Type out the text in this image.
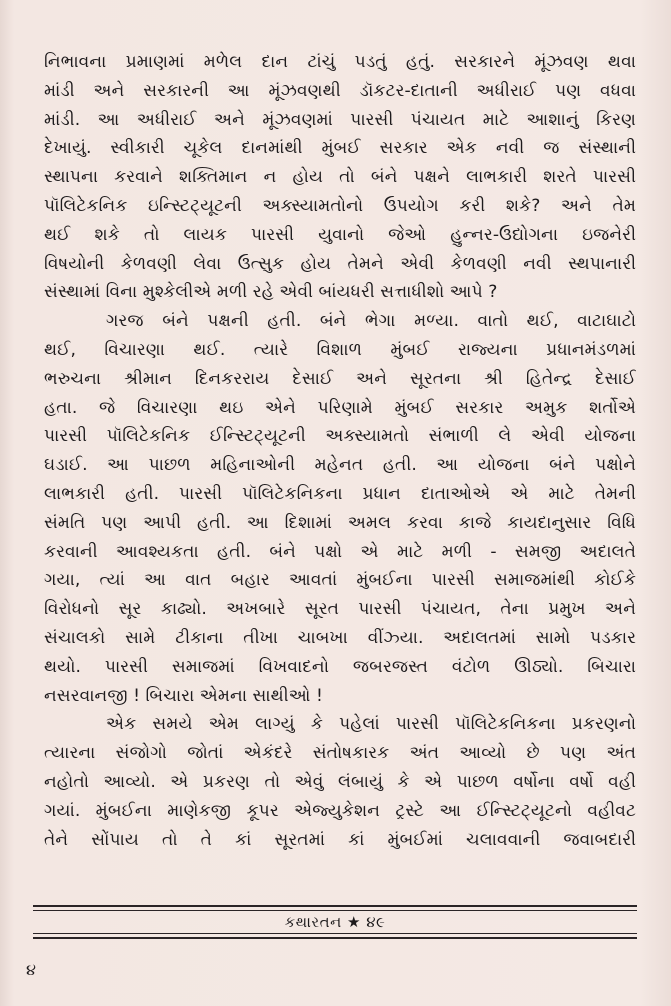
નિભાવના પ્રમાણમાં મળેલ દાન ટાંચું પડતું હતું. સરકારને મૂંઝવણ થવા
માંડી અને સરકારની આ મૂંઝવણથી ડૉકટર-દાતાની અધીરાઈ પણ વધવા
માંડી. આ અધીરાઈ અને મૂંઝવણમાં પારસી પંચાયત માટે આશાનું કિરણ
દેખાયું. સ્વીકારી ચૂકેલ દાનમાંથી મુંબઈ સરકાર એક નવી જ સંસ્થાની
સ્થાપના કરવાને શક્તિમાન ન હોય તો બંને પક્ષને લાભકારી શરતે પારસી
પૉલિટેકનિક ઇન્સ્ટિટ્યૂટની અક્સ્યામતોનો ઉપયોગ કરી શકે? અને તેમ
થઈ શકે તો લાયક પારસી યુવાનો જેઓ હુન્નર-ઉદ્યોગના ઇજનેરી
વિષયોની કેળવણી લેવા ઉત્સુક હોય તેમને એવી કેળવણી નવી સ્થપાનારી
સંસ્થામાં વિના મુશ્કેલીએ મળી રહે એવી બાંયધરી સત્તાધીશો આપે ?
ગરજ બંને પક્ષની હતી. બંને ભેગા મળ્યા. વાતો થઈ, વાટાઘાટો
થઈ, વિચારણા થઈ. ત્યારે વિશાળ મુંબઈ રાજ્યના પ્રધાનમંડળમાં
ભરુચના શ્રીમાન દિનકરરાય દેસાઈ અને સૂરતના શ્રી હિતેન્દ્ર દેસાઈ
હતા. જે વિચારણા થઇ એને પરિણામે મુંબઈ સરકાર અમુક શર્તોએ
પારસી પૉલિટેકનિક ઈન્સ્ટિટ્યૂટની અક્સ્યામતો સંભાળી લે એવી યોજના
ઘડાઈ. આ પાછળ મહિનાઓની મહેનત હતી. આ યોજના બંને પક્ષોને
લાભકારી હતી. પારસી પૉલિટેકનિકના પ્રધાન દાતાઓએ એ માટે તેમની
સંમતિ પણ આપી હતી. આ દિશામાં અમલ કરવા કાજે કાયદાનુસાર વિધિ
કરવાની આવશ્યકતા હતી. બંને પક્ષો એ માટે મળી - સમજી અદાલતે
ગયા, ત્યાં આ વાત બહાર આવતાં મુંબઈના પારસી સમાજમાંથી કોઈકે
વિરોધનો સૂર કાઢ્યો. અખબારે સૂરત પારસી પંચાયત, તેના પ્રમુખ અને
સંચાલકો સામે ટીકાના તીખા ચાબખા વીંઝ્યા. અદાલતમાં સામો પડકાર
થયો. પારસી સમાજમાં વિખવાદનો જબરજસ્ત વંટોળ ઊઠ્યો. બિચારા
નસરવાનજી ! બિચારા એમના સાથીઓ !
એક સમયે એમ લાગ્યું કે પહેલાં પારસી પૉલિટેકનિકના પ્રકરણનો
ત્યારના સંજોગો જોતાં એકંદરે સંતોષકારક અંત આવ્યો છે પણ અંત
નહોતો આવ્યો. એ પ્રકરણ તો એવું લંબાયું કે એ પાછળ વર્ષોના વર્ષો વહી
ગયાં. મુંબઈના માણેકજી કૂપર એજ્યુકેશન ટ્રસ્ટે આ ઈન્સ્ટિટ્યૂટનો વહીવટ
તેને સોંપાય તો તે કાં સૂરતમાં કાં મુંબઈમાં ચલાવવાની જવાબદારી
કથારતન ★ ૪૯
૪
